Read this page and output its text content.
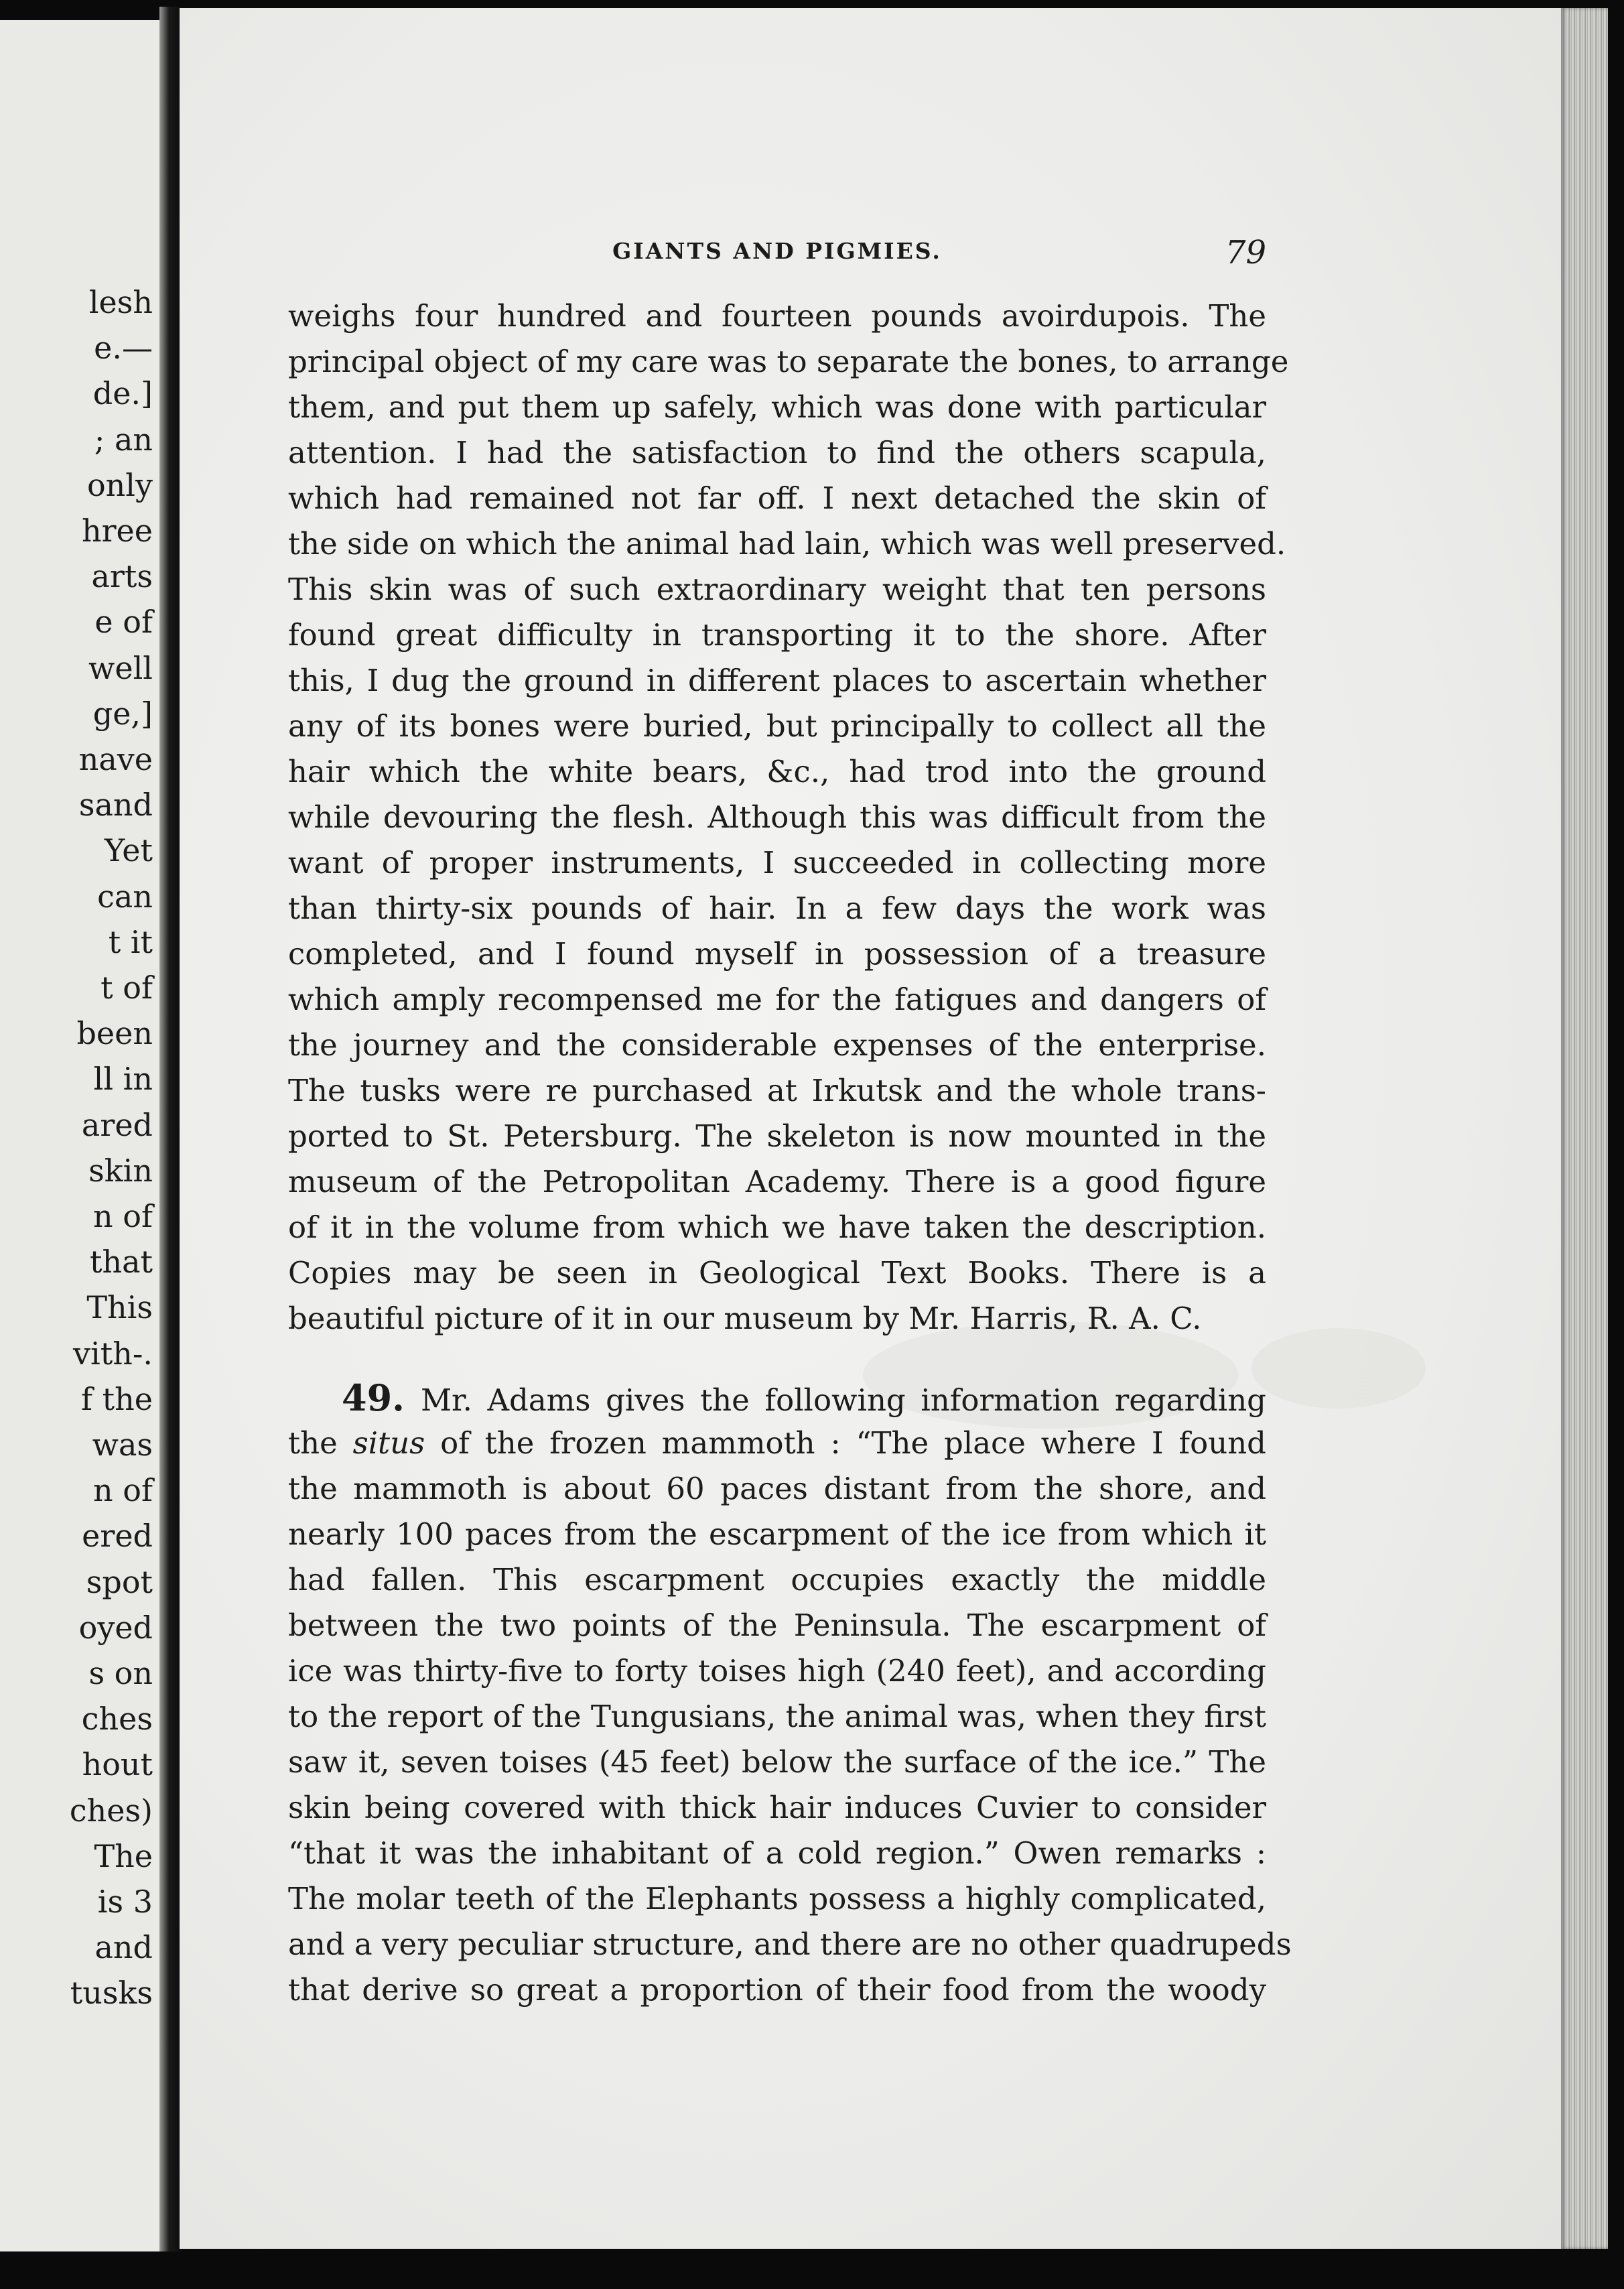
lesh
e.—
de.]
; an
only
hree
arts
e of
well
ge,]
nave
sand
Yet
can
t it
t of
been
ll in
ared
skin
n of
that
This
vith-.
f the
was
n of
ered
spot
oyed
s on
ches
hout
ches)
The
is 3
and
tusks
GIANTS AND PIGMIES.	79
weighs four hundred and fourteen pounds avoirdupois. The
principal object of my care was to separate the bones, to arrange
them, and put them up safely, which was done with particular
attention. I had the satisfaction to find the others scapula,
which had remained not far off. I next detached the skin of
the side on which the animal had lain, which was well preserved.
This skin was of such extraordinary weight that ten persons
found great difficulty in transporting it to the shore. After
this, I dug the ground in different places to ascertain whether
any of its bones were buried, but principally to collect all the
hair which the white bears, &c., had trod into the ground
while devouring the flesh. Although this was difficult from the
want of proper instruments, I succeeded in collecting more
than thirty-six pounds of hair. In a few days the work was
completed, and I found myself in possession of a treasure
which amply recompensed me for the fatigues and dangers of
the journey and the considerable expenses of the enterprise.
The tusks were re purchased at Irkutsk and the whole trans-
ported to St. Petersburg. The skeleton is now mounted in the
museum of the Petropolitan Academy. There is a good figure
of it in the volume from which we have taken the description.
Copies may be seen in Geological Text Books. There is a
beautiful picture of it in our museum by Mr. Harris, R. A. C.
49. Mr. Adams gives the following information regarding
the situs of the frozen mammoth : “The place where I found
the mammoth is about 60 paces distant from the shore, and
nearly 100 paces from the escarpment of the ice from which it
had fallen. This escarpment occupies exactly the middle
between the two points of the Peninsula. The escarpment of
ice was thirty-five to forty toises high (240 feet), and according
to the report of the Tungusians, the animal was, when they first
saw it, seven toises (45 feet) below the surface of the ice.” The
skin being covered with thick hair induces Cuvier to consider
“that it was the inhabitant of a cold region.” Owen remarks :
The molar teeth of the Elephants possess a highly complicated,
and a very peculiar structure, and there are no other quadrupeds
that derive so great a proportion of their food from the woody
